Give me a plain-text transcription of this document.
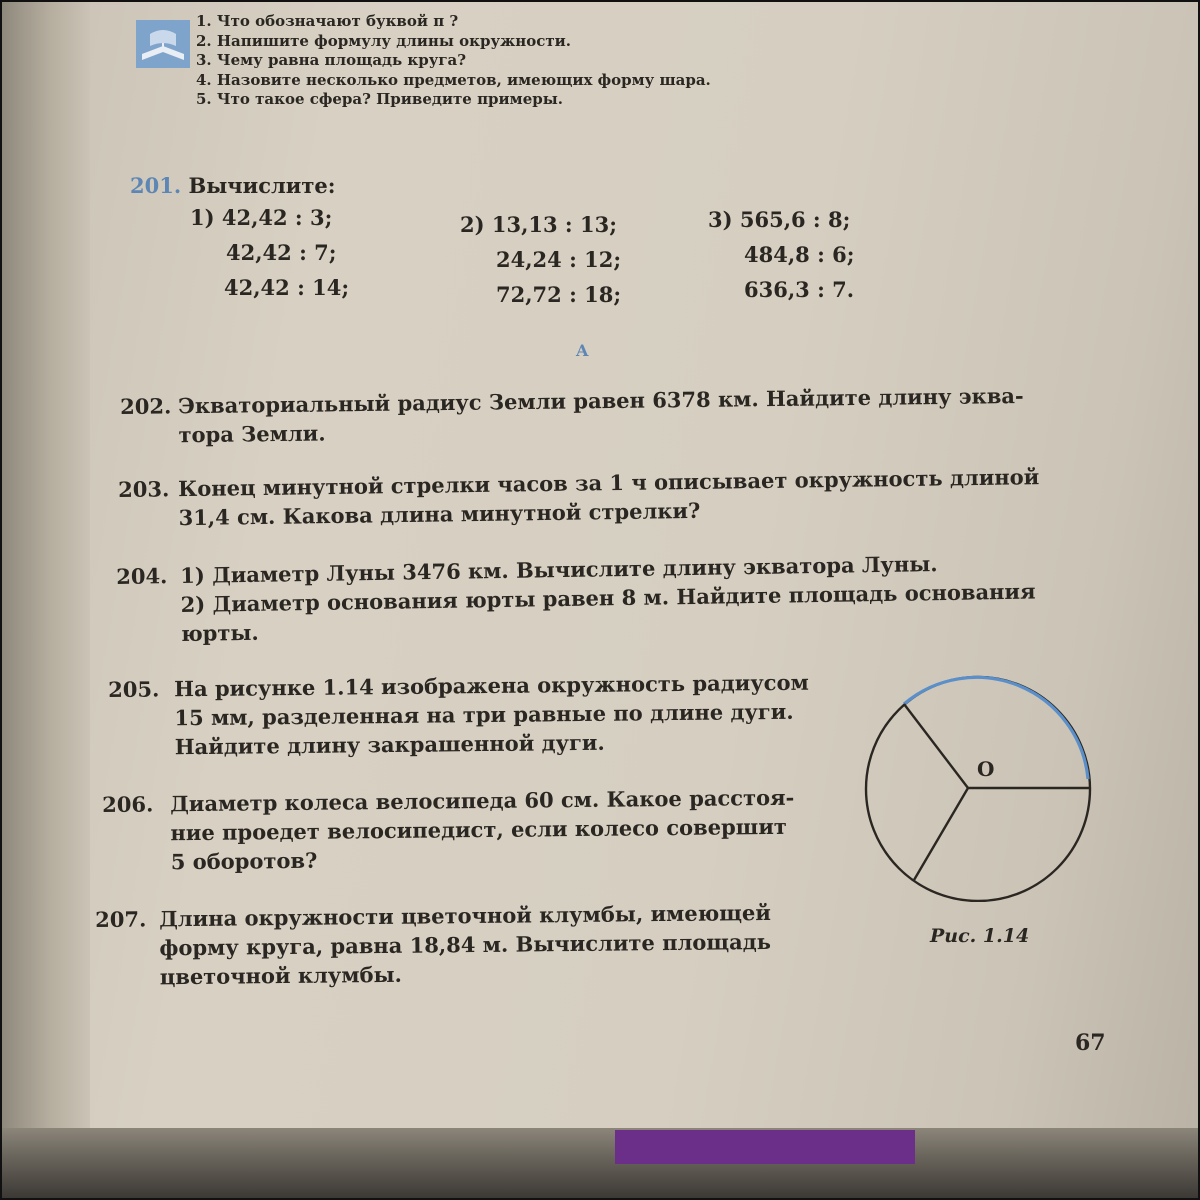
1. Что обозначают буквой π ?
2. Напишите формулу длины окружности.
3. Чему равна площадь круга?
4. Назовите несколько предметов, имеющих форму шара.
5. Что такое сфера? Приведите примеры.
201. Вычислите:
1) 42,42 : 3;
42,42 : 7;
42,42 : 14;
2) 13,13 : 13;
24,24 : 12;
72,72 : 18;
3) 565,6 : 8;
484,8 : 6;
636,3 : 7.
A
202. Экваториальный радиус Земли равен 6378 км. Найдите длину эква-
тора Земли.
203. Конец минутной стрелки часов за 1 ч описывает окружность длиной
31,4 см. Какова длина минутной стрелки?
204. 1) Диаметр Луны 3476 км. Вычислите длину экватора Луны.
2) Диаметр основания юрты равен 8 м. Найдите площадь основания
юрты.
205. На рисунке 1.14 изображена окружность радиусом
15 мм, разделенная на три равные по длине дуги.
Найдите длину закрашенной дуги.
206. Диаметр колеса велосипеда 60 см. Какое расстоя-
ние проедет велосипедист, если колесо совершит
5 оборотов?
207. Длина окружности цветочной клумбы, имеющей
форму круга, равна 18,84 м. Вычислите площадь
цветочной клумбы.
O
Рис. 1.14
67
